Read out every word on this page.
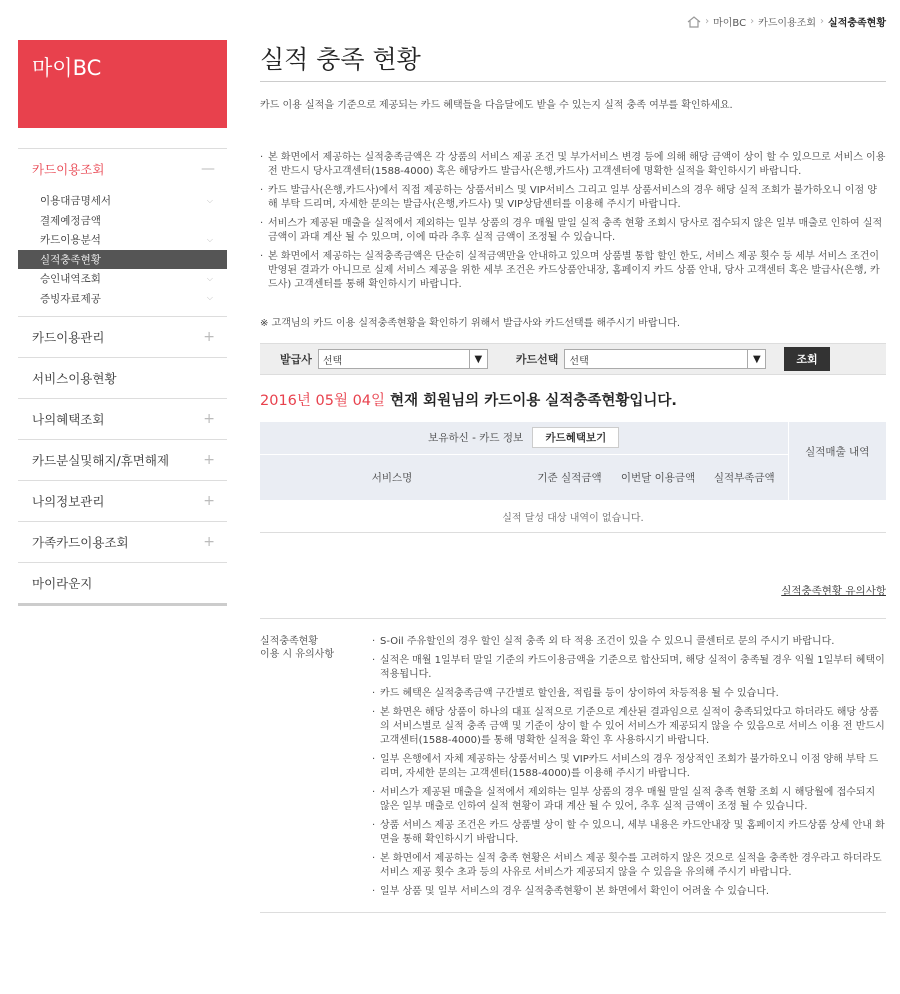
› 마이BC › 카드이용조회 › 실적충족현황
마이BC
카드이용조회	—
이용대금명세서	⌵
결제예정금액
카드이용분석	⌵
실적충족현황
승인내역조회	⌵
증빙자료제공	⌵
카드이용관리	+
서비스이용현황
나의혜택조회	+
카드분실및해지/휴면해제 +
나의정보관리	+
가족카드이용조회	+
마이라운지
실적 충족 현황

카드 이용 실적을 기준으로 제공되는 카드 혜택들을 다음달에도 받을 수 있는지 실적 충족 여부를 확인하세요.

· 본 화면에서 제공하는 실적충족금액은 각 상품의 서비스 제공 조건 및 부가서비스 변경 등에 의해 해당 금액이 상이 할 수 있으므로 서비스 이용 전 반드시 당사고객센터(1588-4000) 혹은 해당카드 발급사(은행,카드사) 고객센터에 명확한 실적을 확인하시기 바랍니다.
· 카드 발급사(은행,카드사)에서 직접 제공하는 상품서비스 및 VIP서비스 그리고 일부 상품서비스의 경우 해당 실적 조회가 불가하오니 이점 양해 부탁 드리며, 자세한 문의는 발급사(은행,카드사) 및 VIP상담센터를 이용해 주시기 바랍니다.
· 서비스가 제공된 매출을 실적에서 제외하는 일부 상품의 경우 매월 말일 실적 충족 현황 조회시 당사로 접수되지 않은 일부 매출로 인하여 실적 금액이 과대 계산 될 수 있으며, 이에 따라 추후 실적 금액이 조정될 수 있습니다.
· 본 화면에서 제공하는 실적충족금액은 단순히 실적금액만을 안내하고 있으며 상품별 통합 할인 한도, 서비스 제공 횟수 등 세부 서비스 조건이 반영된 결과가 아니므로 실제 서비스 제공을 위한 세부 조건은 카드상품안내장, 홈페이지 카드 상품 안내, 당사 고객센터 혹은 발급사(은행, 카드사) 고객센터를 통해 확인하시기 바랍니다.

※ 고객님의 카드 이용 실적충족현황을 확인하기 위해서 발급사와 카드선택를 해주시기 바랍니다.

발급사 선택	▼	카드선택 선택	▼	조회
2016년 05월 04일 현재 회원님의 카드이용 실적충족현황입니다.
보유하신 - 카드 정보 카드혜택보기				실적매출 내역
서비스명	기준 실적금액	이번달 이용금액	실적부족금액	
실적 달성 대상 내역이 없습니다.				
실적충족현황 유의사항
실적충족현황
이용 시 유의사항
· S-Oil 주유할인의 경우 할인 실적 충족 외 타 적용 조건이 있을 수 있으니 콜센터로 문의 주시기 바랍니다.
· 실적은 매월 1일부터 말일 기준의 카드이용금액을 기준으로 합산되며, 해당 실적이 충족될 경우 익월 1일부터 혜택이 적용됩니다.
· 카드 혜택은 실적충족금액 구간별로 할인율, 적립률 등이 상이하여 차등적용 될 수 있습니다.
· 본 화면은 해당 상품이 하나의 대표 실적으로 기준으로 계산된 결과임으로 실적이 충족되었다고 하더라도 해당 상품의 서비스별로 실적 충족 금액 및 기준이 상이 할 수 있어 서비스가 제공되지 않을 수 있음으로 서비스 이용 전 반드시 고객센터(1588-4000)를 통해 명확한 실적을 확인 후 사용하시기 바랍니다.
· 일부 은행에서 자체 제공하는 상품서비스 및 VIP카드 서비스의 경우 정상적인 조회가 불가하오니 이점 양해 부탁 드리며, 자세한 문의는 고객센터(1588-4000)를 이용해 주시기 바랍니다.
· 서비스가 제공된 매출을 실적에서 제외하는 일부 상품의 경우 매월 말일 실적 충족 현황 조회 시 해당월에 접수되지 않은 일부 매출로 인하여 실적 현황이 과대 계산 될 수 있어, 추후 실적 금액이 조정 될 수 있습니다.
· 상품 서비스 제공 조건은 카드 상품별 상이 할 수 있으니, 세부 내용은 카드안내장 및 홈페이지 카드상품 상세 안내 화면을 통해 확인하시기 바랍니다.
· 본 화면에서 제공하는 실적 충족 현황은 서비스 제공 횟수를 고려하지 않은 것으로 실적을 충족한 경우라고 하더라도 서비스 제공 횟수 초과 등의 사유로 서비스가 제공되지 않을 수 있음을 유의해 주시기 바랍니다.
· 일부 상품 및 일부 서비스의 경우 실적충족현황이 본 화면에서 확인이 어려울 수 있습니다.
